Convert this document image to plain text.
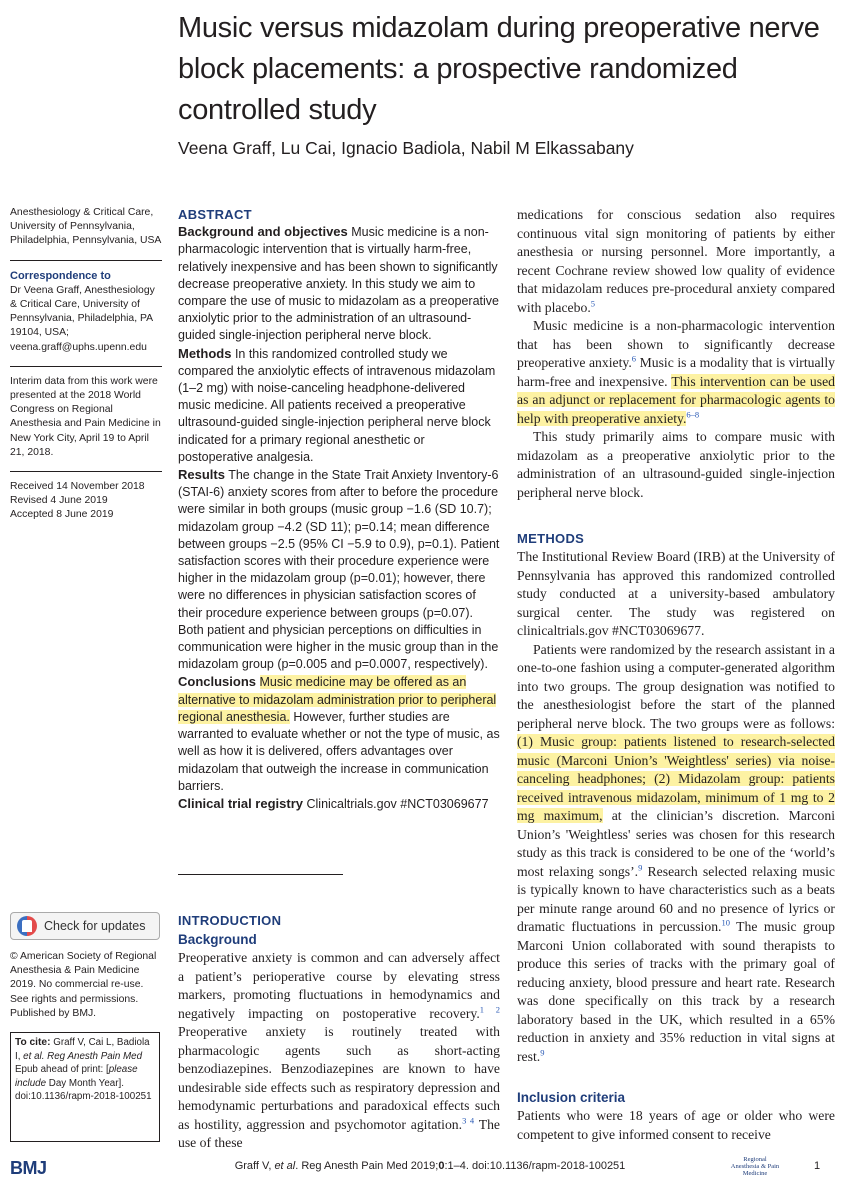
Music versus midazolam during preoperative nerve block placements: a prospective randomized controlled study
Veena Graff, Lu Cai, Ignacio Badiola, Nabil M Elkassabany

Anesthesiology & Critical Care, University of Pennsylvania, Philadelphia, Pennsylvania, USA

Correspondence to
Dr Veena Graff, Anesthesiology & Critical Care, University of Pennsylvania, Philadelphia, PA 19104, USA; veena.graff@uphs.upenn.edu

Interim data from this work were presented at the 2018 World Congress on Regional Anesthesia and Pain Medicine in New York City, April 19 to April 21, 2018.

Received 14 November 2018
Revised 4 June 2019
Accepted 8 June 2019

Check for updates
© American Society of Regional Anesthesia & Pain Medicine 2019. No commercial re-use. See rights and permissions. Published by BMJ.
To cite: Graff V, Cai L, Badiola I, et al. Reg Anesth Pain Med Epub ahead of print: [please include Day Month Year]. doi:10.1136/rapm-2018-100251
ABSTRACT
Background and objectives Music medicine is a non-pharmacologic intervention that is virtually harm-free, relatively inexpensive and has been shown to significantly decrease preoperative anxiety. In this study we aim to compare the use of music to midazolam as a preoperative anxiolytic prior to the administration of an ultrasound-guided single-injection peripheral nerve block.
Methods In this randomized controlled study we compared the anxiolytic effects of intravenous midazolam (1–2 mg) with noise-canceling headphone-delivered music medicine. All patients received a preoperative ultrasound-guided single-injection peripheral nerve block indicated for a primary regional anesthetic or postoperative analgesia.
Results The change in the State Trait Anxiety Inventory-6 (STAI-6) anxiety scores from after to before the procedure were similar in both groups (music group −1.6 (SD 10.7); midazolam group −4.2 (SD 11); p=0.14; mean difference between groups −2.5 (95% CI −5.9 to 0.9), p=0.1). Patient satisfaction scores with their procedure experience were higher in the midazolam group (p=0.01); however, there were no differences in physician satisfaction scores of their procedure experience between groups (p=0.07). Both patient and physician perceptions on difficulties in communication were higher in the music group than in the midazolam group (p=0.005 and p=0.0007, respectively).
Conclusions Music medicine may be offered as an alternative to midazolam administration prior to peripheral regional anesthesia. However, further studies are warranted to evaluate whether or not the type of music, as well as how it is delivered, offers advantages over midazolam that outweigh the increase in communication barriers.
Clinical trial registry Clinicaltrials.gov #NCT03069677
INTRODUCTION
Background

Preoperative anxiety is common and can adversely affect a patient’s perioperative course by elevating stress markers, promoting fluctuations in hemodynamics and negatively impacting on postoperative recovery.$^{1 2}$ Preoperative anxiety is routinely treated with pharmacologic agents such as short-acting benzodiazepines. Benzodiazepines are known to have undesirable side effects such as respiratory depression and hemodynamic perturbations and paradoxical effects such as hostility, aggression and psychomotor agitation.$^{3 4}$ The use of these

medications for conscious sedation also requires continuous vital sign monitoring of patients by either anesthesia or nursing personnel. More importantly, a recent Cochrane review showed low quality of evidence that midazolam reduces pre-procedural anxiety compared with placebo.$^5$

Music medicine is a non-pharmacologic intervention that has been shown to significantly decrease preoperative anxiety.$^6$ Music is a modality that is virtually harm-free and inexpensive. This intervention can be used as an adjunct or replacement for pharmacologic agents to help with preoperative anxiety.$^{6-8}$

This study primarily aims to compare music with midazolam as a preoperative anxiolytic prior to the administration of an ultrasound-guided single-injection peripheral nerve block.

METHODS

The Institutional Review Board (IRB) at the University of Pennsylvania has approved this randomized controlled study conducted at a university-based ambulatory surgical center. The study was registered on clinicaltrials.gov #NCT03069677.

Patients were randomized by the research assistant in a one-to-one fashion using a computer-generated algorithm into two groups. The group designation was notified to the anesthesiologist before the start of the planned peripheral nerve block. The two groups were as follows: (1) Music group: patients listened to research-selected music (Marconi Union’s 'Weightless' series) via noise-canceling headphones; (2) Midazolam group: patients received intravenous midazolam, minimum of 1 mg to 2 mg maximum, at the clinician’s discretion. Marconi Union’s 'Weightless' series was chosen for this research study as this track is considered to be one of the ‘world’s most relaxing songs’.$^9$ Research selected relaxing music is typically known to have characteristics such as a beats per minute range around 60 and no presence of lyrics or dramatic fluctuations in percussion.$^{10}$ The music group Marconi Union collaborated with sound therapists to produce this series of tracks with the primary goal of reducing anxiety, blood pressure and heart rate. Research was done specifically on this track by a research laboratory based in the UK, which resulted in a 65% reduction in anxiety and 35% reduction in vital signs at rest.$^9$

Inclusion criteria

Patients who were 18 years of age or older who were competent to give informed consent to receive

BMJ	Graff V, et al. Reg Anesth Pain Med 2019;0:1–4. doi:10.1136/rapm-2018-100251
Regional
Anesthesia & Pain Medicine
1
